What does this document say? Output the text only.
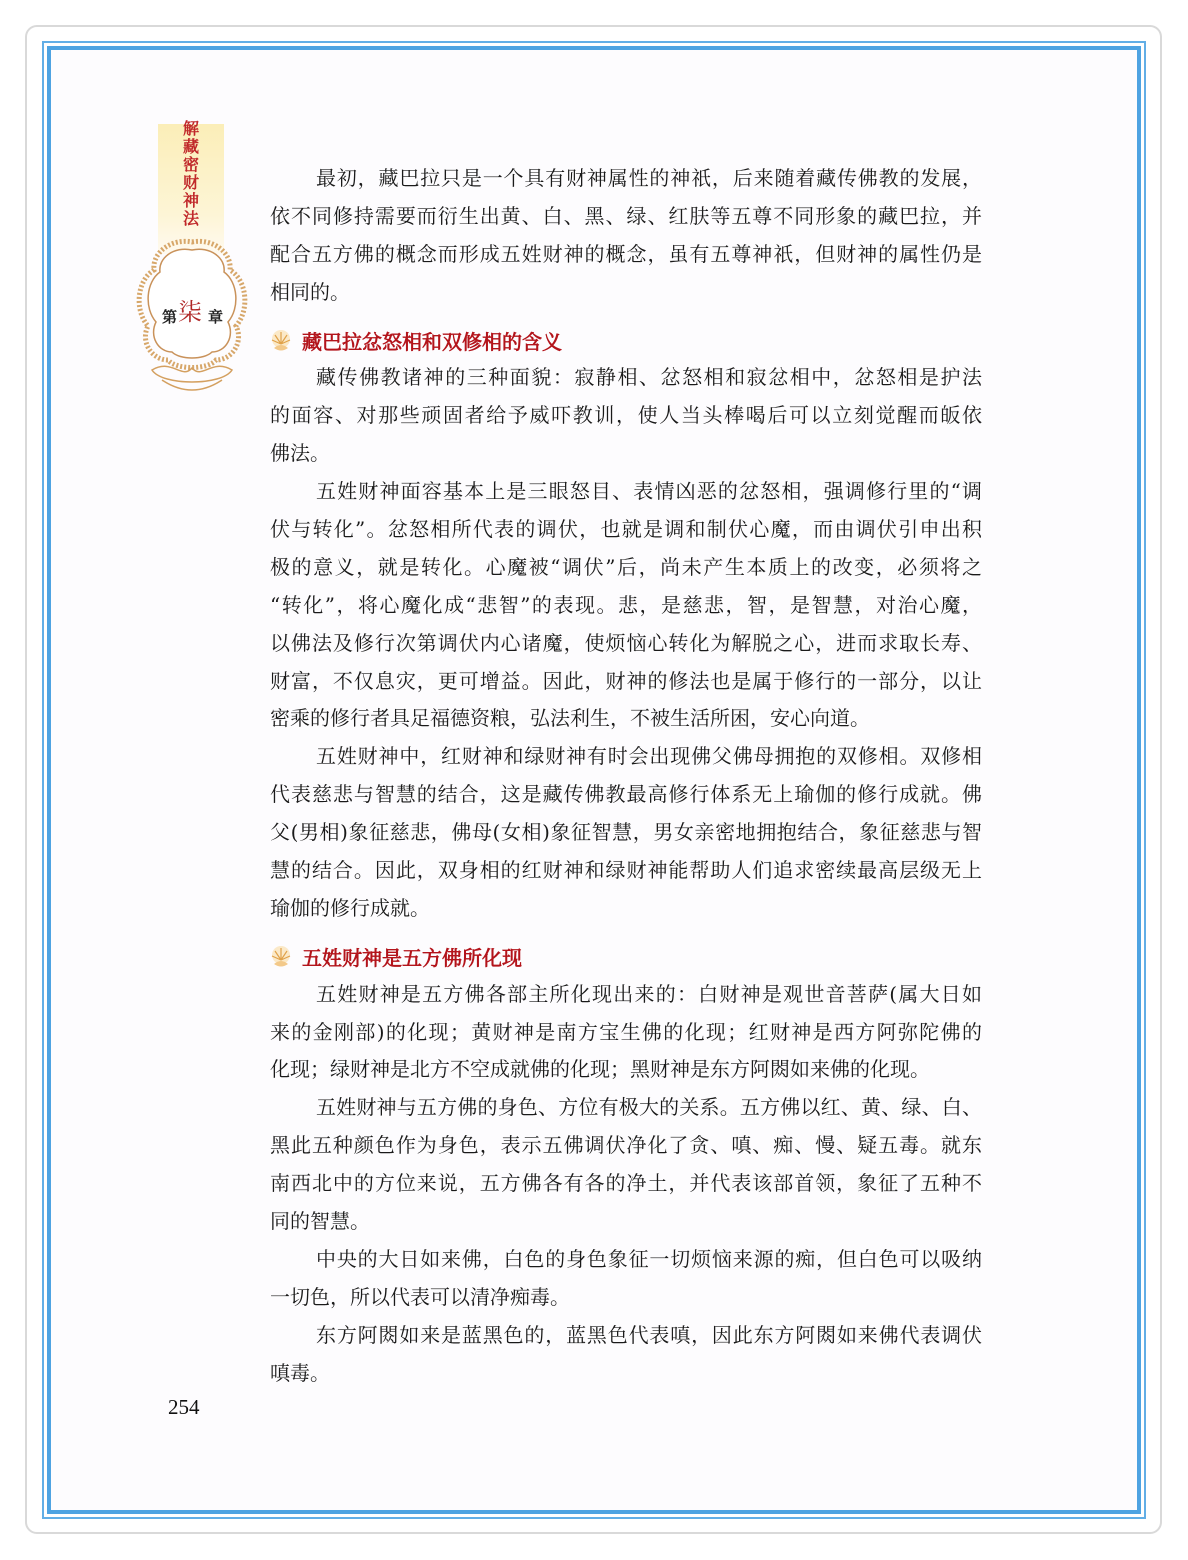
解藏密财神法
第 柒 章
最初，藏巴拉只是一个具有财神属性的神祇，后来随着藏传佛教的发展，
依不同修持需要而衍生出黄、白、黑、绿、红肤等五尊不同形象的藏巴拉，并
配合五方佛的概念而形成五姓财神的概念，虽有五尊神祇，但财神的属性仍是
相同的。
藏巴拉忿怒相和双修相的含义
藏传佛教诸神的三种面貌：寂静相、忿怒相和寂忿相中，忿怒相是护法
的面容、对那些顽固者给予威吓教训，使人当头棒喝后可以立刻觉醒而皈依
佛法。
五姓财神面容基本上是三眼怒目、表情凶恶的忿怒相，强调修行里的“调
伏与转化”。忿怒相所代表的调伏，也就是调和制伏心魔，而由调伏引申出积
极的意义，就是转化。心魔被“调伏”后，尚未产生本质上的改变，必须将之
“转化”，将心魔化成“悲智”的表现。悲，是慈悲，智，是智慧，对治心魔，
以佛法及修行次第调伏内心诸魔，使烦恼心转化为解脱之心，进而求取长寿、
财富，不仅息灾，更可增益。因此，财神的修法也是属于修行的一部分，以让
密乘的修行者具足福德资粮，弘法利生，不被生活所困，安心向道。
五姓财神中，红财神和绿财神有时会出现佛父佛母拥抱的双修相。双修相
代表慈悲与智慧的结合，这是藏传佛教最高修行体系无上瑜伽的修行成就。佛
父(男相)象征慈悲，佛母(女相)象征智慧，男女亲密地拥抱结合，象征慈悲与智
慧的结合。因此，双身相的红财神和绿财神能帮助人们追求密续最高层级无上
瑜伽的修行成就。
五姓财神是五方佛所化现
五姓财神是五方佛各部主所化现出来的：白财神是观世音菩萨(属大日如
来的金刚部)的化现；黄财神是南方宝生佛的化现；红财神是西方阿弥陀佛的
化现；绿财神是北方不空成就佛的化现；黑财神是东方阿閦如来佛的化现。
五姓财神与五方佛的身色、方位有极大的关系。五方佛以红、黄、绿、白、
黑此五种颜色作为身色，表示五佛调伏净化了贪、嗔、痴、慢、疑五毒。就东
南西北中的方位来说，五方佛各有各的净土，并代表该部首领，象征了五种不
同的智慧。
中央的大日如来佛，白色的身色象征一切烦恼来源的痴，但白色可以吸纳
一切色，所以代表可以清净痴毒。
东方阿閦如来是蓝黑色的，蓝黑色代表嗔，因此东方阿閦如来佛代表调伏
嗔毒。
254
